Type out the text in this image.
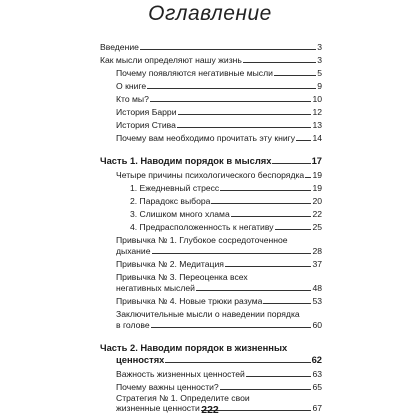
Оглавление
Введение	3
Как мысли определяют нашу жизнь	3
Почему появляются негативные мысли	5
О книге	9
Кто мы?	10
История Барри	12
История Стива	13
Почему вам необходимо прочитать эту книгу 14
Часть 1. Наводим порядок в мыслях	17
Четыре причины психологического беспорядка 19
1. Ежедневный стресс	19
2. Парадокс выбора	20
3. Слишком много хлама	22
4. Предрасположенность к негативу	25
Привычка № 1. Глубокое сосредоточенное
дыхание	28
Привычка № 2. Медитация	37
Привычка № 3. Переоценка всех
негативных мыслей	48
Привычка № 4. Новые трюки разума	53
Заключительные мысли о наведении порядка
в голове	60
Часть 2. Наводим порядок в жизненных
ценностях	62
Важность жизненных ценностей	63
Почему важны ценности?	65
Стратегия № 1. Определите свои
жизненные ценности	67
222
